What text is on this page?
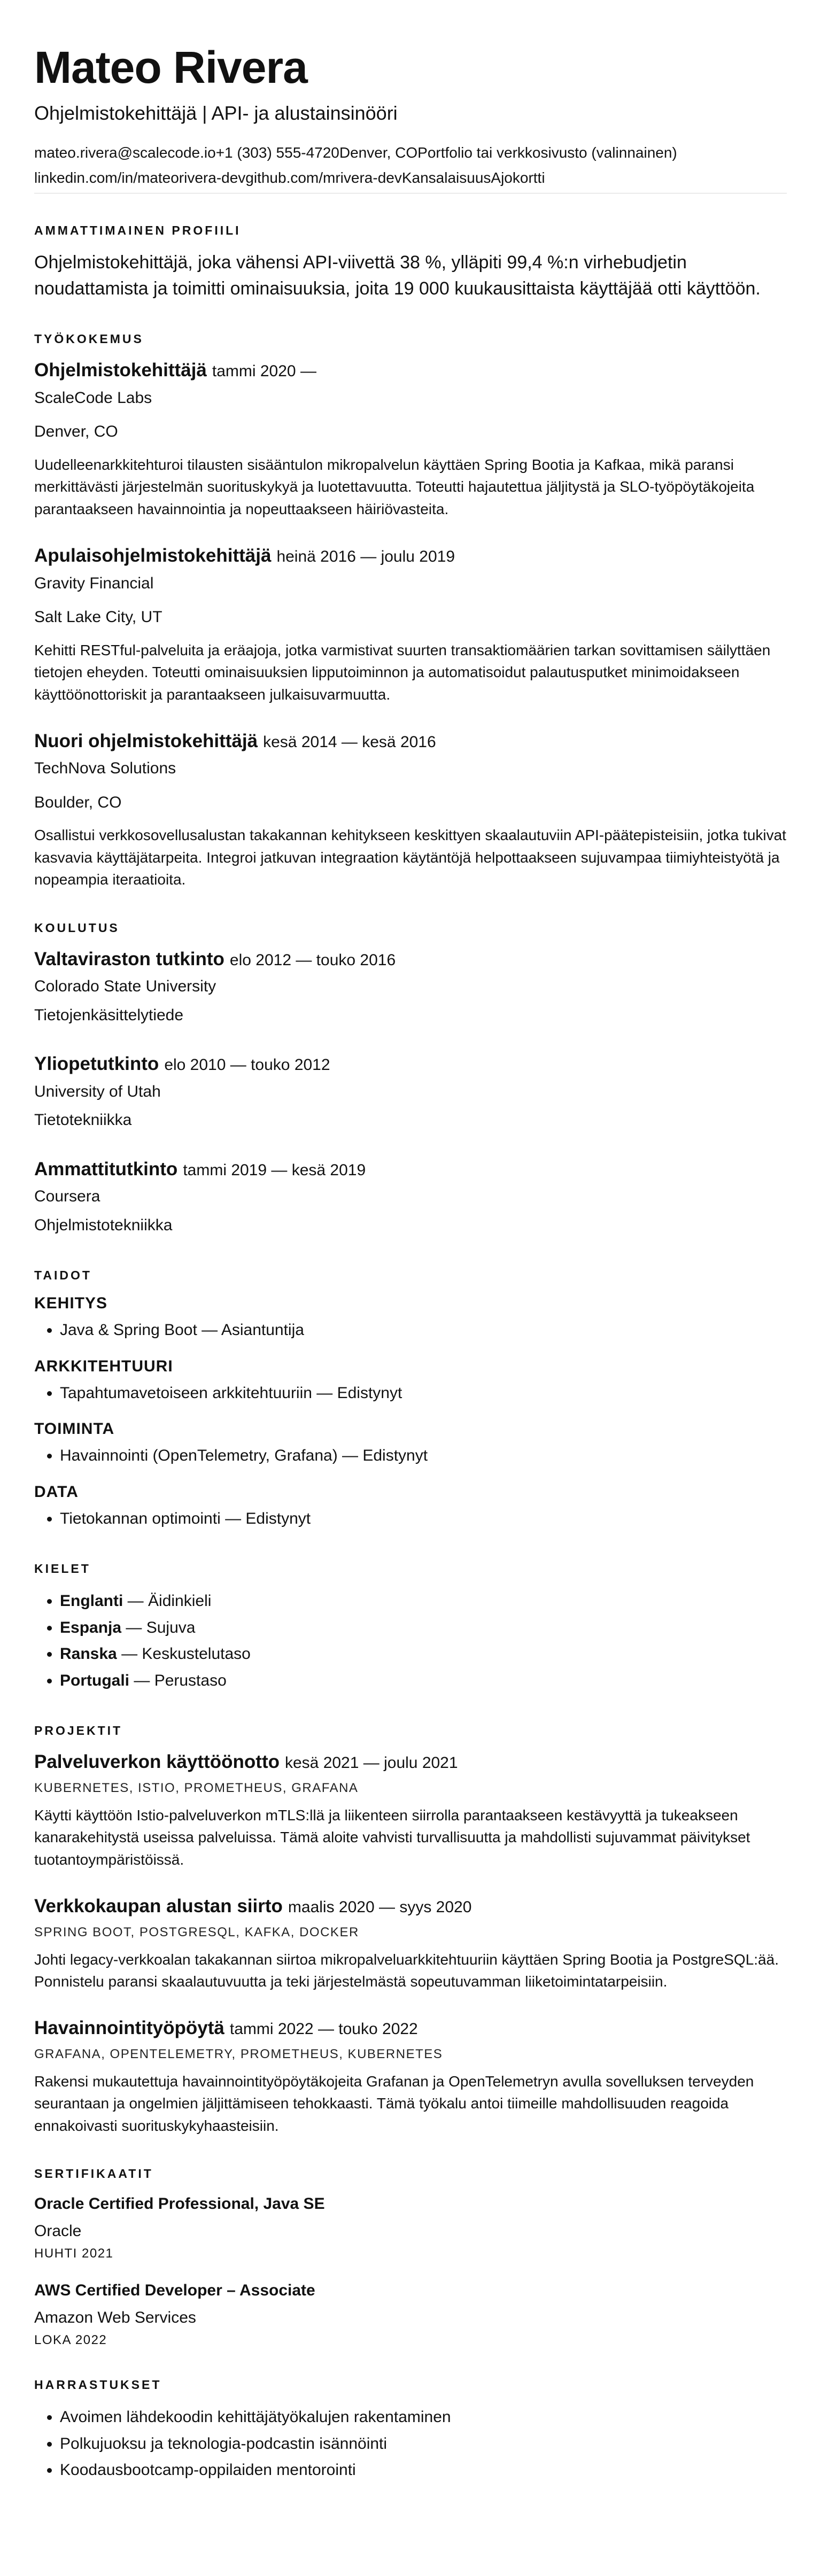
Mateo Rivera
Ohjelmistokehittäjä | API- ja alustainsinööri
mateo.rivera@scalecode.io+1 (303) 555-4720Denver, COPortfolio tai verkkosivusto (valinnainen)
linkedin.com/in/mateorivera-devgithub.com/mrivera-devKansalaisuusAjokortti
AMMATTIMAINEN PROFIILI
Ohjelmistokehittäjä, joka vähensi API-viivettä 38 %, ylläpiti 99,4 %:n virhebudjetin noudattamista ja toimitti ominaisuuksia, joita 19 000 kuukausittaista käyttäjää otti käyttöön.
TYÖKOKEMUS
Ohjelmistokehittäjä tammi 2020 —
ScaleCode Labs
Denver, CO
Uudelleenarkkitehturoi tilausten sisääntulon mikropalvelun käyttäen Spring Bootia ja Kafkaa, mikä paransi merkittävästi järjestelmän suorituskykyä ja luotettavuutta. Toteutti hajautettua jäljitystä ja SLO-työpöytäkojeita parantaakseen havainnointia ja nopeuttaakseen häiriövasteita.
Apulaisohjelmistokehittäjä heinä 2016 — joulu 2019
Gravity Financial
Salt Lake City, UT
Kehitti RESTful-palveluita ja eräajoja, jotka varmistivat suurten transaktiomäärien tarkan sovittamisen säilyttäen tietojen eheyden. Toteutti ominaisuuksien lipputoiminnon ja automatisoidut palautusputket minimoidakseen käyttöönottoriskit ja parantaakseen julkaisuvarmuutta.
Nuori ohjelmistokehittäjä kesä 2014 — kesä 2016
TechNova Solutions
Boulder, CO
Osallistui verkkosovellusalustan takakannan kehitykseen keskittyen skaalautuviin API-päätepisteisiin, jotka tukivat kasvavia käyttäjätarpeita. Integroi jatkuvan integraation käytäntöjä helpottaakseen sujuvampaa tiimiyhteistyötä ja nopeampia iteraatioita.
KOULUTUS
Valtaviraston tutkinto elo 2012 — touko 2016
Colorado State University
Tietojenkäsittelytiede
Yliopetutkinto elo 2010 — touko 2012
University of Utah
Tietotekniikka
Ammattitutkinto tammi 2019 — kesä 2019
Coursera
Ohjelmistotekniikka
TAIDOT
KEHITYS
• Java & Spring Boot — Asiantuntija
ARKKITEHTUURI
• Tapahtumavetoiseen arkkitehtuuriin — Edistynyt
TOIMINTA
• Havainnointi (OpenTelemetry, Grafana) — Edistynyt
DATA
• Tietokannan optimointi — Edistynyt
KIELET
• Englanti — Äidinkieli
• Espanja — Sujuva
• Ranska — Keskustelutaso
• Portugali — Perustaso
PROJEKTIT
Palveluverkon käyttöönotto kesä 2021 — joulu 2021
KUBERNETES, ISTIO, PROMETHEUS, GRAFANA
Käytti käyttöön Istio-palveluverkon mTLS:llä ja liikenteen siirrolla parantaakseen kestävyyttä ja tukeakseen kanarakehitystä useissa palveluissa. Tämä aloite vahvisti turvallisuutta ja mahdollisti sujuvammat päivitykset tuotantoympäristöissä.
Verkkokaupan alustan siirto maalis 2020 — syys 2020
SPRING BOOT, POSTGRESQL, KAFKA, DOCKER
Johti legacy-verkkoalan takakannan siirtoa mikropalveluarkkitehtuuriin käyttäen Spring Bootia ja PostgreSQL:ää. Ponnistelu paransi skaalautuvuutta ja teki järjestelmästä sopeutuvamman liiketoimintatarpeisiin.
Havainnointityöpöytä tammi 2022 — touko 2022
GRAFANA, OPENTELEMETRY, PROMETHEUS, KUBERNETES
Rakensi mukautettuja havainnointityöpöytäkojeita Grafanan ja OpenTelemetryn avulla sovelluksen terveyden seurantaan ja ongelmien jäljittämiseen tehokkaasti. Tämä työkalu antoi tiimeille mahdollisuuden reagoida ennakoivasti suorituskykyhaasteisiin.
SERTIFIKAATIT
Oracle Certified Professional, Java SE
Oracle
HUHTI 2021
AWS Certified Developer – Associate
Amazon Web Services
LOKA 2022
HARRASTUKSET
• Avoimen lähdekoodin kehittäjätyökalujen rakentaminen
• Polkujuoksu ja teknologia-podcastin isännöinti
• Koodausbootcamp-oppilaiden mentorointi
